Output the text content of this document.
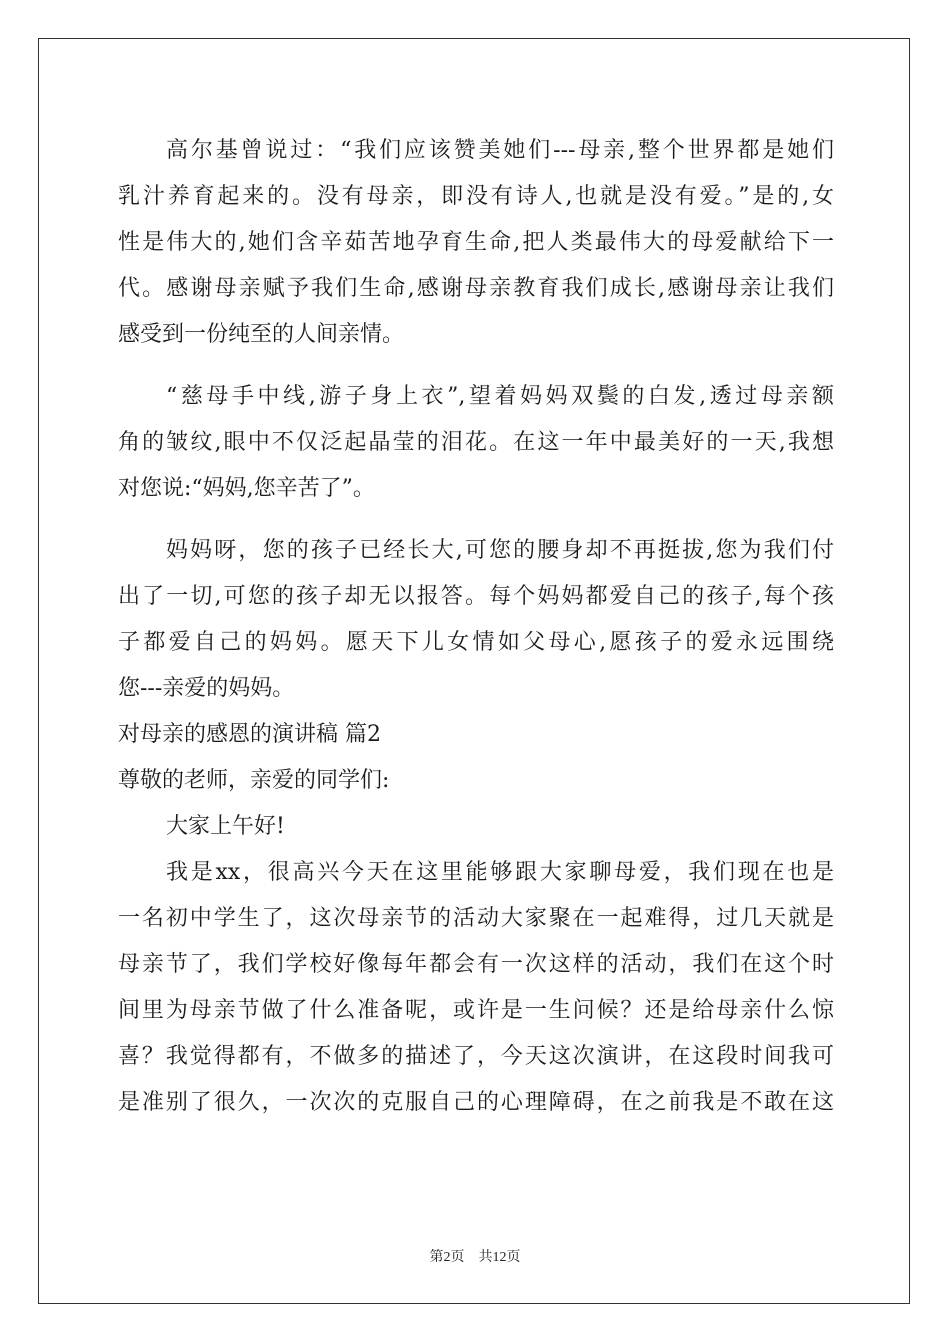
高尔基曾说过：“我们应该赞美她们---母亲,整个世界都是她们
乳汁养育起来的。没有母亲，即没有诗人,也就是没有爱。”是的,女
性是伟大的,她们含辛茹苦地孕育生命,把人类最伟大的母爱献给下一
代。感谢母亲赋予我们生命,感谢母亲教育我们成长,感谢母亲让我们
感受到一份纯至的人间亲情。
“慈母手中线,游子身上衣”,望着妈妈双鬓的白发,透过母亲额
角的皱纹,眼中不仅泛起晶莹的泪花。在这一年中最美好的一天,我想
对您说:“妈妈,您辛苦了”。
妈妈呀，您的孩子已经长大,可您的腰身却不再挺拔,您为我们付
出了一切,可您的孩子却无以报答。每个妈妈都爱自己的孩子,每个孩
子都爱自己的妈妈。愿天下儿女情如父母心,愿孩子的爱永远围绕
您---亲爱的妈妈。
对母亲的感恩的演讲稿 篇2
尊敬的老师，亲爱的同学们:
大家上午好!
我是xx，很高兴今天在这里能够跟大家聊母爱，我们现在也是
一名初中学生了，这次母亲节的活动大家聚在一起难得，过几天就是
母亲节了，我们学校好像每年都会有一次这样的活动，我们在这个时
间里为母亲节做了什么准备呢，或许是一生问候？还是给母亲什么惊
喜？我觉得都有，不做多的描述了，今天这次演讲，在这段时间我可
是准别了很久，一次次的克服自己的心理障碍，在之前我是不敢在这
第2页    共12页
